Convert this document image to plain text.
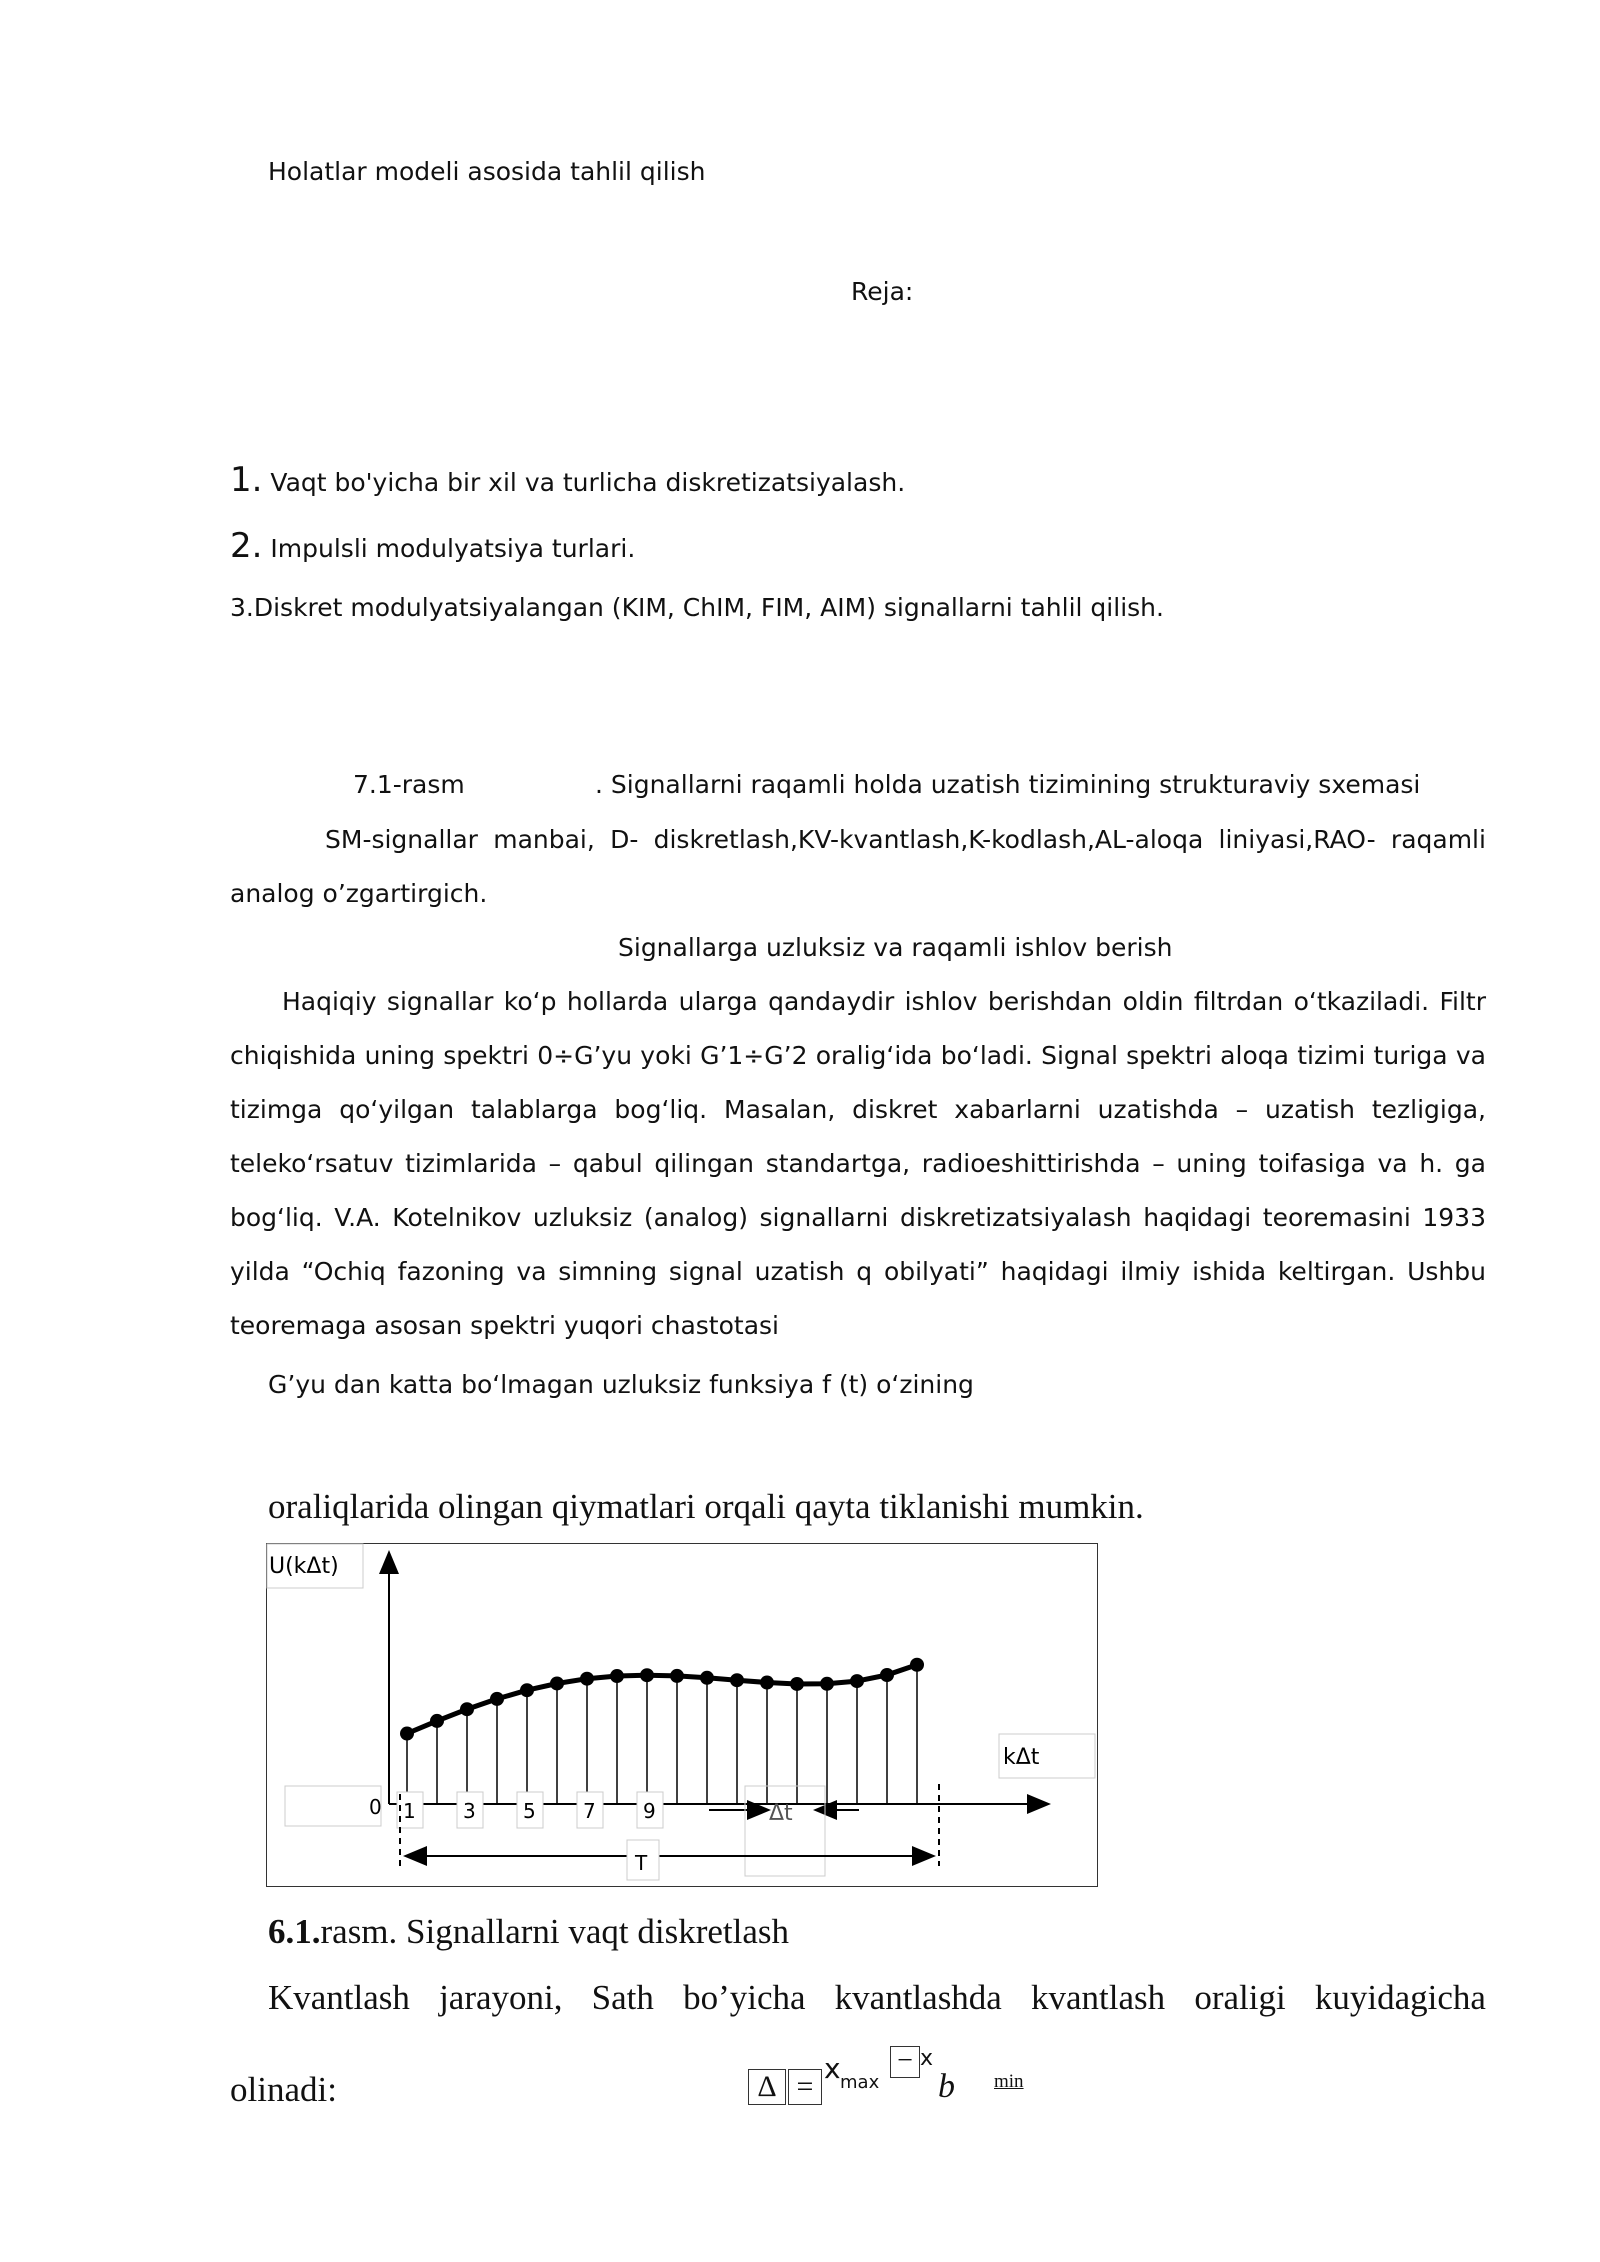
Holatlar modeli asosida tahlil qilish
Reja:
1. Vaqt bo'yicha bir xil va turlicha diskretizatsiyalash.
2. Impulsli modulyatsiya turlari.
3.Diskret modulyatsiyalangan (KIM, ChIM, FIM, AIM) signallarni tahlil qilish.
7.1-rasm	. Signallarni raqamli holda uzatish tizimining strukturaviy sxemasi
SM-signallar manbai, D- diskretlash,KV-kvantlash,K-kodlash,AL-aloqa liniyasi,RAO- raqamli
analog o’zgartirgich.
Signallarga uzluksiz va raqamli ishlov berish
Haqiqiy signallar koʻp hollarda ularga qandaydir ishlov berishdan oldin filtrdan oʻtkaziladi. Filtr chiqishida uning spektri 0÷G’yu yoki G’1÷G’2 oraligʻida boʻladi. Signal spektri aloqa tizimi turiga va tizimga qoʻyilgan talablarga bogʻliq. Masalan, diskret xabarlarni uzatishda – uzatish tezligiga, telekoʻrsatuv tizimlarida – qabul qilingan standartga, radioeshittirishda – uning toifasiga va h. ga bogʻliq. V.A. Kotelnikov uzluksiz (analog) signallarni diskretizatsiyalash haqidagi teoremasini 1933 yilda “Ochiq fazoning va simning signal uzatish q obilyati” haqidagi ilmiy ishida keltirgan. Ushbu teoremaga asosan spektri yuqori chastotasi
G’yu dan katta boʻlmagan uzluksiz funksiya f (t) oʻzining
oraliqlarida olingan qiymatlari orqali qayta tiklanishi mumkin.
U(kΔt)
kΔt
0 1 3 5 7 9	Δt
T
6.1.rasm. Signallarni vaqt diskretlash
Kvantlash jarayoni, Sath bo’yicha kvantlashda kvantlash oraligi kuyidagicha
olinadi:	Δ =
x max
− x
b min
